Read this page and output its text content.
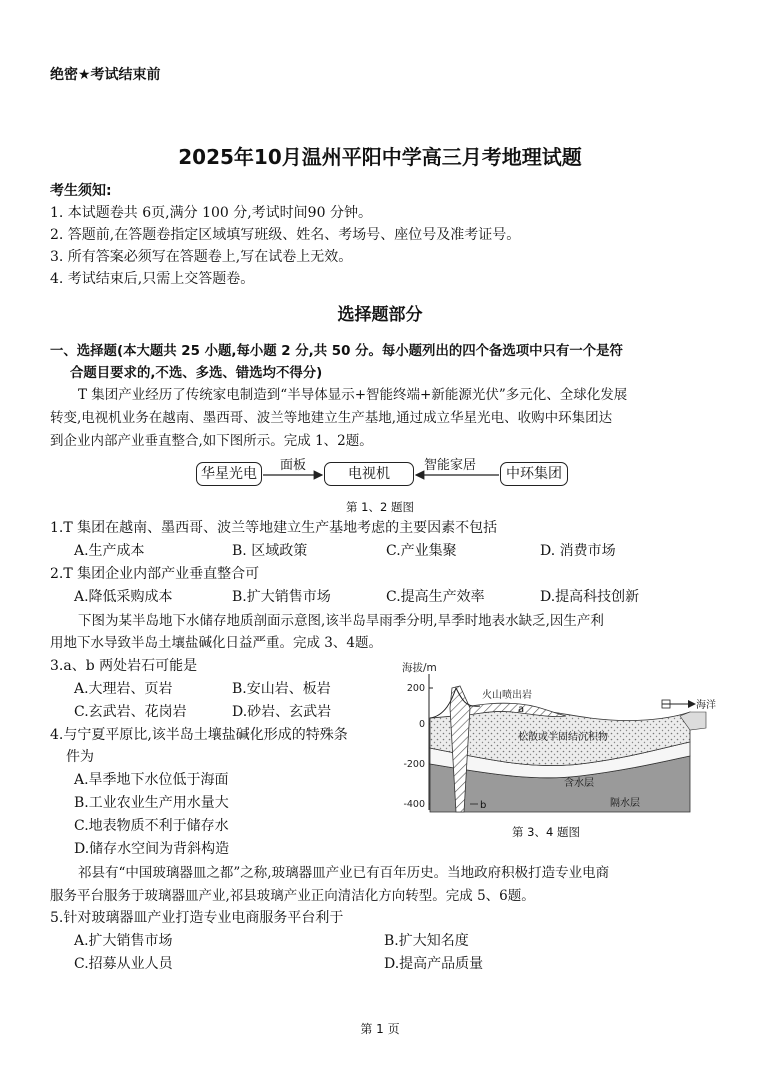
绝密★考试结束前
2025年10月温州平阳中学高三月考地理试题
考生须知:
1. 本试题卷共 6页,满分 100 分,考试时间90 分钟。
2. 答题前,在答题卷指定区域填写班级、姓名、考场号、座位号及准考证号。
3. 所有答案必须写在答题卷上,写在试卷上无效。
4. 考试结束后,只需上交答题卷。
选择题部分
一、选择题(本大题共 25 小题,每小题 2 分,共 50 分。每小题列出的四个备选项中只有一个是符
合题目要求的,不选、多选、错选均不得分)
T 集团产业经历了传统家电制造到“半导体显示+智能终端+新能源光伏”多元化、全球化发展
转变,电视机业务在越南、墨西哥、波兰等地建立生产基地,通过成立华星光电、收购中环集团达
到企业内部产业垂直整合,如下图所示。完成 1、2题。
华星光电	电视机	中环集团
面板	智能家居
第 1、2 题图
1.T 集团在越南、墨西哥、波兰等地建立生产基地考虑的主要因素不包括
A.生产成本	B. 区域政策	C.产业集聚	D. 消费市场
2.T 集团企业内部产业垂直整合可
A.降低采购成本	B.扩大销售市场	C.提高生产效率	D.提高科技创新
下图为某半岛地下水储存地质剖面示意图,该半岛旱雨季分明,旱季时地表水缺乏,因生产利
用地下水导致半岛土壤盐碱化日益严重。完成 3、4题。
3.a、b 两处岩石可能是
A.大理岩、页岩	B.安山岩、板岩
C.玄武岩、花岗岩	D.砂岩、玄武岩
4.与宁夏平原比,该半岛土壤盐碱化形成的特殊条
件为
A.旱季地下水位低于海面
B.工业农业生产用水量大
C.地表物质不利于储存水
D.储存水空间为背斜构造
海拔/m
200
0
-200
-400
火山喷出岩
a	海洋
松散或半固结沉积物
含水层
隔水层
b
第 3、4 题图
祁县有“中国玻璃器皿之都”之称,玻璃器皿产业已有百年历史。当地政府积极打造专业电商
服务平台服务于玻璃器皿产业,祁县玻璃产业正向清洁化方向转型。完成 5、6题。
5.针对玻璃器皿产业打造专业电商服务平台利于
A.扩大销售市场	B.扩大知名度
C.招募从业人员	D.提高产品质量
第 1 页
